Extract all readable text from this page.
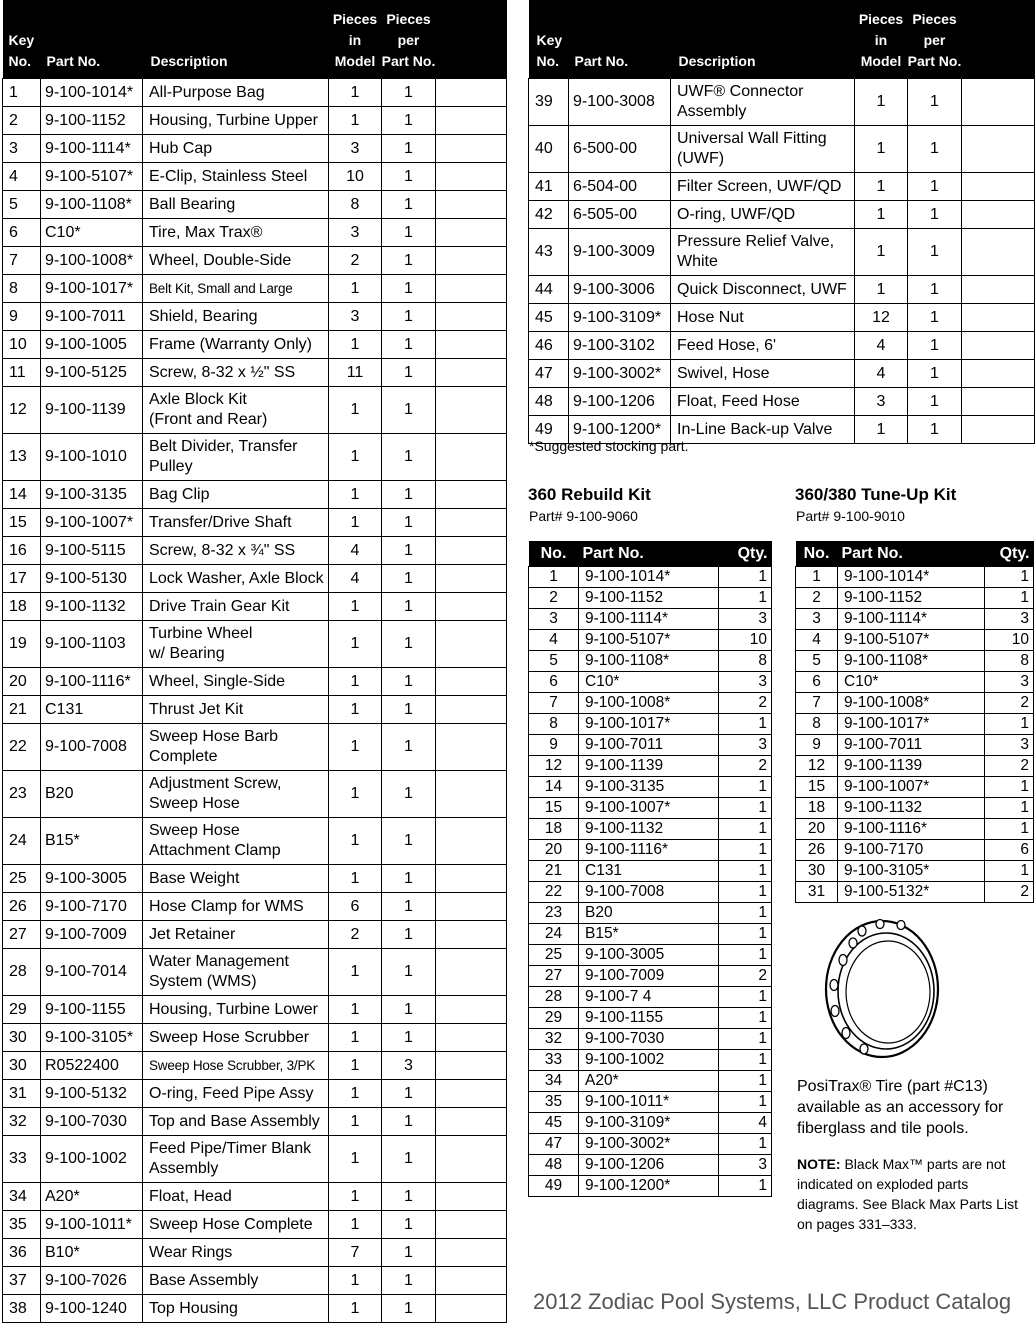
Key
No.	Part No.	Description	Pieces
in
Model	Pieces
per
Part No.	
1	9-100-1014*	All-Purpose Bag	1	1	
2	9-100-1152	Housing, Turbine Upper	1	1	
3	9-100-1114*	Hub Cap	3	1	
4	9-100-5107*	E-Clip, Stainless Steel	10	1	
5	9-100-1108*	Ball Bearing	8	1	
6	C10*	Tire, Max Trax®	3	1	
7	9-100-1008*	Wheel, Double-Side	2	1	
8	9-100-1017*	Belt Kit, Small and Large	1	1	
9	9-100-7011	Shield, Bearing	3	1	
10	9-100-1005	Frame (Warranty Only)	1	1	
11	9-100-5125	Screw, 8-32 x ½" SS	11	1	
12	9-100-1139	Axle Block Kit
(Front and Rear)	1	1	
13	9-100-1010	Belt Divider, Transfer
Pulley	1	1	
14	9-100-3135	Bag Clip	1	1	
15	9-100-1007*	Transfer/Drive Shaft	1	1	
16	9-100-5115	Screw, 8-32 x ¾" SS	4	1	
17	9-100-5130	Lock Washer, Axle Block	4	1	
18	9-100-1132	Drive Train Gear Kit	1	1	
19	9-100-1103	Turbine Wheel
w/ Bearing	1	1	
20	9-100-1116*	Wheel, Single-Side	1	1	
21	C131	Thrust Jet Kit	1	1	
22	9-100-7008	Sweep Hose Barb
Complete	1	1	
23	B20	Adjustment Screw,
Sweep Hose	1	1	
24	B15*	Sweep Hose
Attachment Clamp	1	1	
25	9-100-3005	Base Weight	1	1	
26	9-100-7170	Hose Clamp for WMS	6	1	
27	9-100-7009	Jet Retainer	2	1	
28	9-100-7014	Water Management
System (WMS)	1	1	
29	9-100-1155	Housing, Turbine Lower	1	1	
30	9-100-3105*	Sweep Hose Scrubber	1	1	
30	R0522400	Sweep Hose Scrubber, 3/PK	1	3	
31	9-100-5132	O-ring, Feed Pipe Assy	1	1	
32	9-100-7030	Top and Base Assembly	1	1	
33	9-100-1002	Feed Pipe/Timer Blank
Assembly	1	1	
34	A20*	Float, Head	1	1	
35	9-100-1011*	Sweep Hose Complete	1	1	
36	B10*	Wear Rings	7	1	
37	9-100-7026	Base Assembly	1	1	
38	9-100-1240	Top Housing	1	1	
Key
No.	Part No.	Description	Pieces
in
Model	Pieces
per
Part No.	
39	9-100-3008	UWF® Connector
Assembly	1	1	
40	6-500-00	Universal Wall Fitting
(UWF)	1	1	
41	6-504-00	Filter Screen, UWF/QD	1	1	
42	6-505-00	O-ring, UWF/QD	1	1	
43	9-100-3009	Pressure Relief Valve,
White	1	1	
44	9-100-3006	Quick Disconnect, UWF	1	1	
45	9-100-3109*	Hose Nut	12	1	
46	9-100-3102	Feed Hose, 6'	4	1	
47	9-100-3002*	Swivel, Hose	4	1	
48	9-100-1206	Float, Feed Hose	3	1	
49	9-100-1200*	In-Line Back-up Valve	1	1	
*Suggested stocking part.
360 Rebuild Kit
Part# 9-100-9060
No.	Part No.	Qty.
1	9-100-1014*	1
2	9-100-1152	1
3	9-100-1114*	3
4	9-100-5107*	10
5	9-100-1108*	8
6	C10*	3
7	9-100-1008*	2
8	9-100-1017*	1
9	9-100-7011	3
12	9-100-1139	2
14	9-100-3135	1
15	9-100-1007*	1
18	9-100-1132	1
20	9-100-1116*	1
21	C131	1
22	9-100-7008	1
23	B20	1
24	B15*	1
25	9-100-3005	1
27	9-100-7009	2
28	9-100-7 4	1
29	9-100-1155	1
32	9-100-7030	1
33	9-100-1002	1
34	A20*	1
35	9-100-1011*	1
45	9-100-3109*	4
47	9-100-3002*	1
48	9-100-1206	3
49	9-100-1200*	1
360/380 Tune-Up Kit
Part# 9-100-9010
No.	Part No.	Qty.
1	9-100-1014*	1
2	9-100-1152	1
3	9-100-1114*	3
4	9-100-5107*	10
5	9-100-1108*	8
6	C10*	3
7	9-100-1008*	2
8	9-100-1017*	1
9	9-100-7011	3
12	9-100-1139	2
15	9-100-1007*	1
18	9-100-1132	1
20	9-100-1116*	1
26	9-100-7170	6
30	9-100-3105*	1
31	9-100-5132*	2
PosiTrax® Tire (part #C13) available as an accessory for fiberglass and tile pools.
NOTE: Black Max™ parts are not indicated on exploded parts diagrams. See Black Max Parts List on pages 331–333.
2012 Zodiac Pool Systems, LLC Product Catalog
